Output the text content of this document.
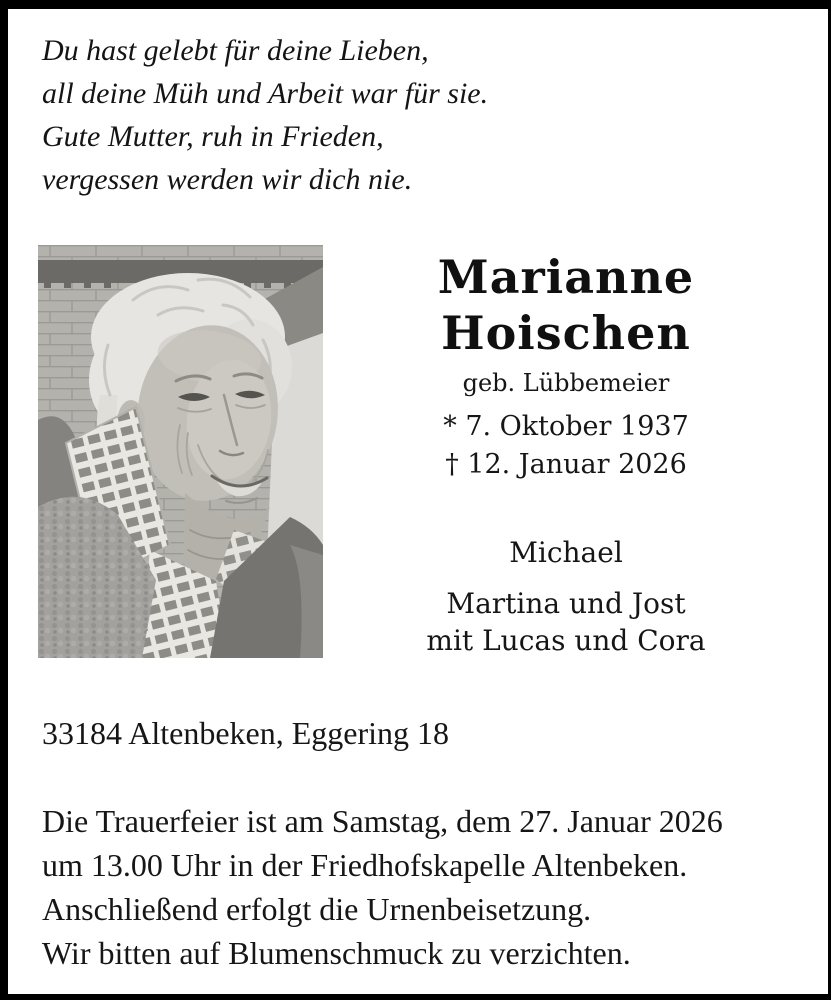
Du hast gelebt für deine Lieben,
all deine Müh und Arbeit war für sie.
Gute Mutter, ruh in Frieden,
vergessen werden wir dich nie.
Marianne
Hoischen
geb. Lübbemeier
* 7. Oktober 1937
† 12. Januar 2026
Michael
Martina und Jost
mit Lucas und Cora
33184 Altenbeken, Eggering 18
Die Trauerfeier ist am Samstag, dem 27. Januar 2026
um 13.00 Uhr in der Friedhofskapelle Altenbeken.
Anschließend erfolgt die Urnenbeisetzung.
Wir bitten auf Blumenschmuck zu verzichten.
